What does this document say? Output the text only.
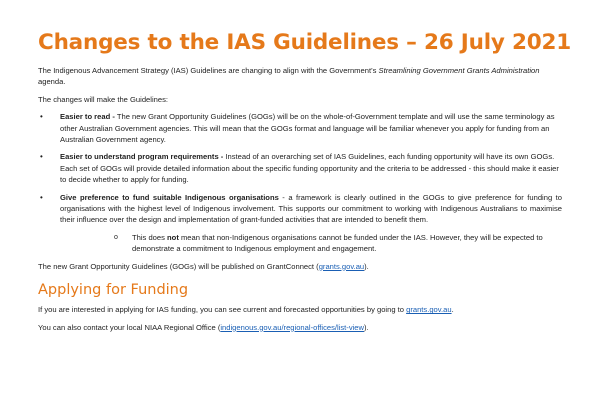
Changes to the IAS Guidelines – 26 July 2021

The Indigenous Advancement Strategy (IAS) Guidelines are changing to align with the Government’s Streamlining Government Grants Administration agenda.

The changes will make the Guidelines:

• Easier to read - The new Grant Opportunity Guidelines (GOGs) will be on the whole-of-Government template and will use the same terminology as other Australian Government agencies. This will mean that the GOGs format and language will be familiar whenever you apply for funding from an Australian Government agency.
• Easier to understand program requirements - Instead of an overarching set of IAS Guidelines, each funding opportunity will have its own GOGs. Each set of GOGs will provide detailed information about the specific funding opportunity and the criteria to be addressed - this should make it easier to decide whether to apply for funding.
• Give preference to fund suitable Indigenous organisations - a framework is clearly outlined in the GOGs to give preference for funding to organisations with the highest level of Indigenous involvement. This supports our commitment to working with Indigenous Australians to maximise their influence over the design and implementation of grant-funded activities that are intended to benefit them.
o This does not mean that non-Indigenous organisations cannot be funded under the IAS. However, they will be expected to demonstrate a commitment to Indigenous employment and engagement.

The new Grant Opportunity Guidelines (GOGs) will be published on GrantConnect (grants.gov.au).

Applying for Funding

If you are interested in applying for IAS funding, you can see current and forecasted opportunities by going to grants.gov.au.

You can also contact your local NIAA Regional Office (indigenous.gov.au/regional-offices/list-view).
